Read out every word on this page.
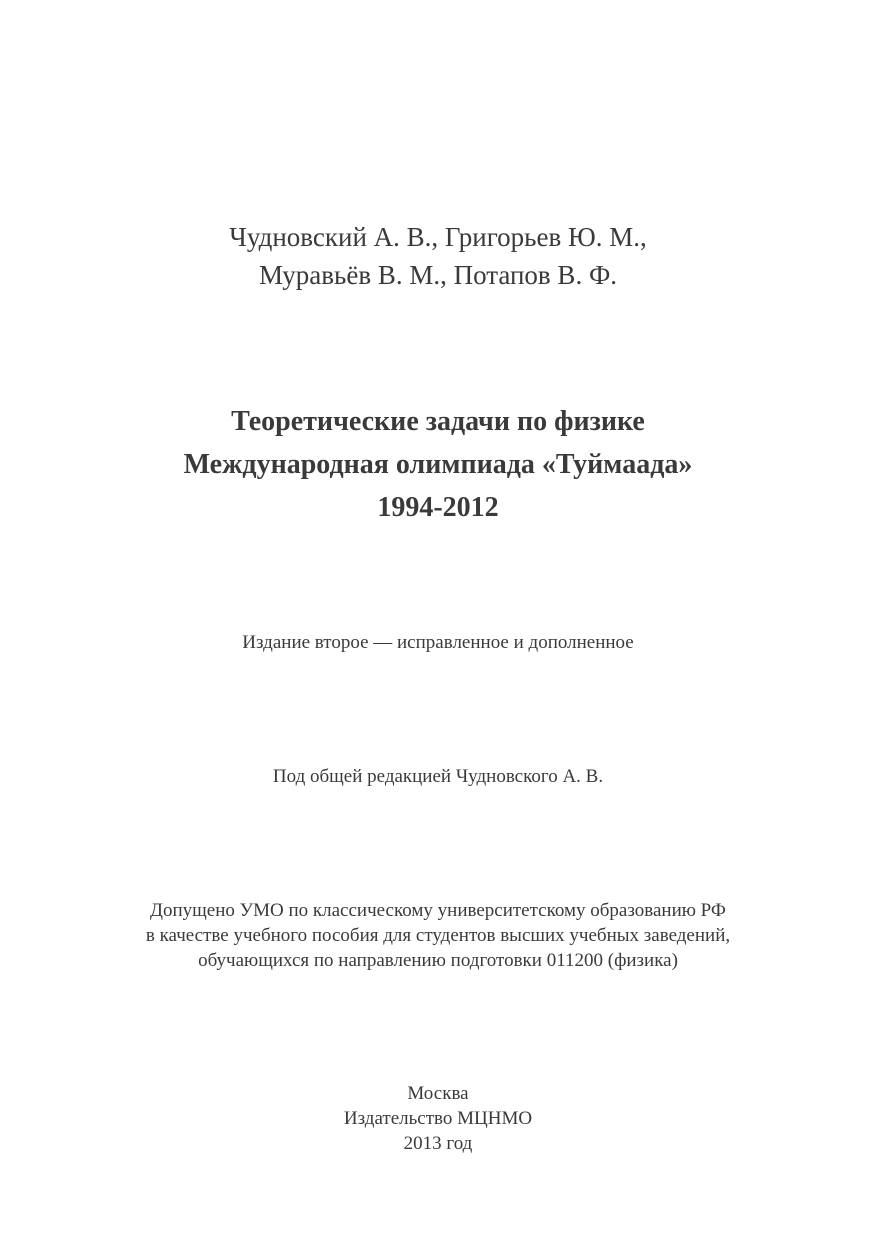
Чудновский А. В., Григорьев Ю. М.,
Муравьёв В. М., Потапов В. Ф.
Теоретические задачи по физике
Международная олимпиада «Туймаада»
1994-2012
Издание второе — исправленное и дополненное
Под общей редакцией Чудновского А. В.
Допущено УМО по классическому университетскому образованию РФ
в качестве учебного пособия для студентов высших учебных заведений,
обучающихся по направлению подготовки 011200 (физика)
Москва
Издательство МЦНМО
2013 год
